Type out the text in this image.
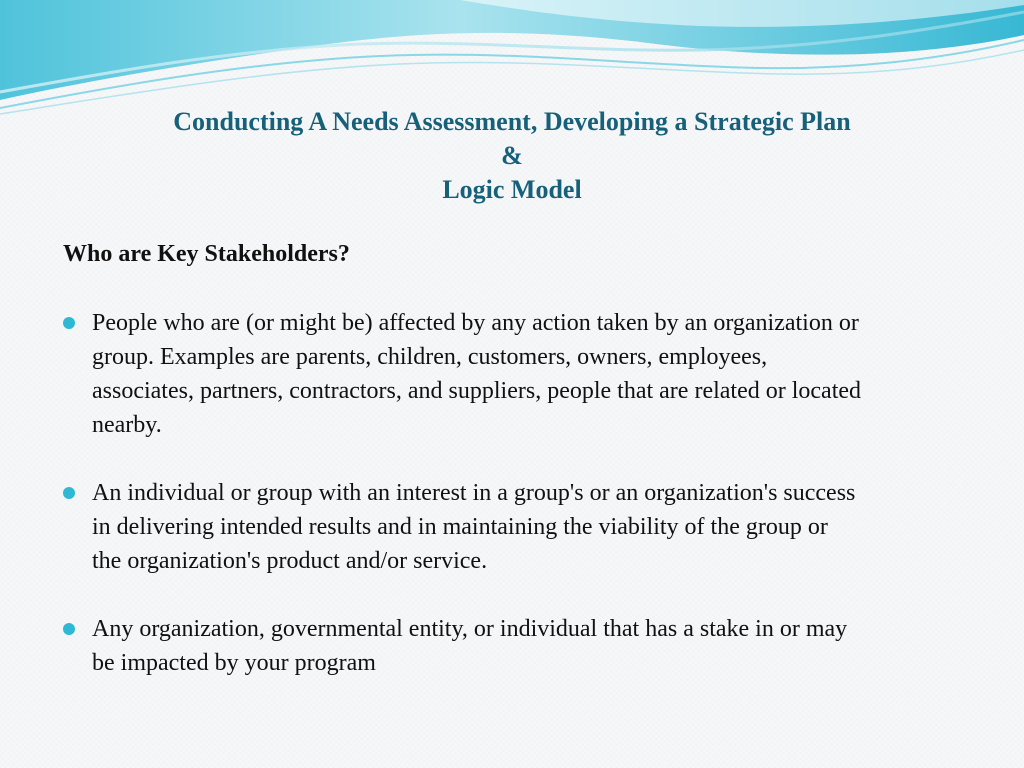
Conducting A Needs Assessment, Developing a Strategic Plan
&
Logic Model
Who are Key Stakeholders?
People who are (or might be) affected by any action taken by an organization or group. Examples are parents, children, customers, owners, employees, associates, partners, contractors, and suppliers, people that are related or located nearby.
An individual or group with an interest in a group's or an organization's success in delivering intended results and in maintaining the viability of the group or the organization's product and/or service.
Any organization, governmental entity, or individual that has a stake in or may be impacted by your program
